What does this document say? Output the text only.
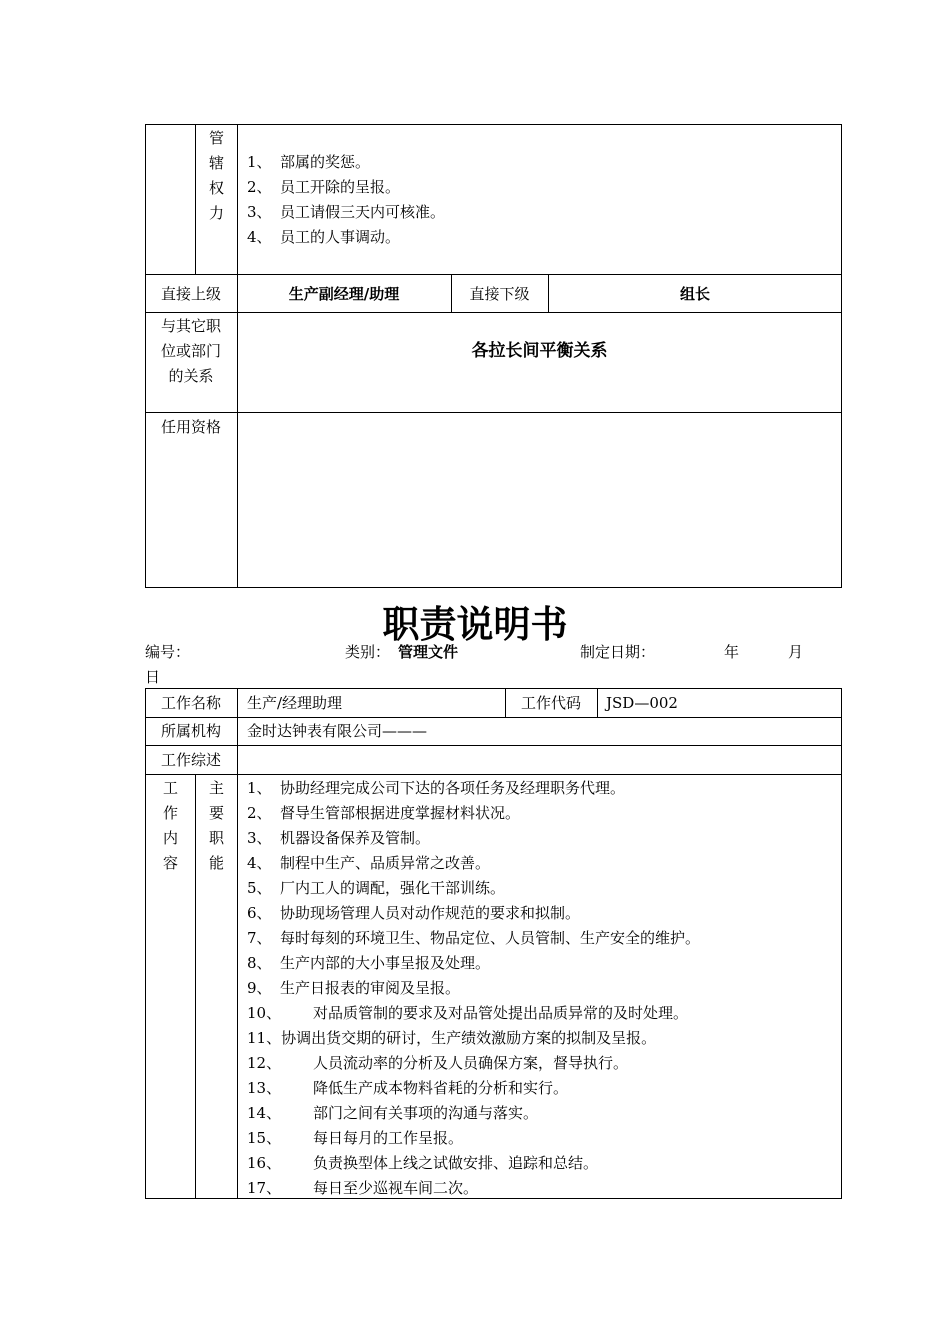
管
辖
权
力
1、 部属的奖惩。
2、 员工开除的呈报。
3、 员工请假三天内可核准。
4、 员工的人事调动。
直接上级	生产副经理/助理	直接下级	组长
与其它职
位或部门
的关系
各拉长间平衡关系
任用资格
职责说明书
编号：	类别： 管理文件	制定日期：	年	月
日
工作名称	生产/经理助理	工作代码	JSD—002
所属机构	金时达钟表有限公司———
工作综述
工
作
内
容
主
要
职
能
1、 协助经理完成公司下达的各项任务及经理职务代理。
2、 督导生管部根据进度掌握材料状况。
3、 机器设备保养及管制。
4、 制程中生产、品质异常之改善。
5、 厂内工人的调配，强化干部训练。
6、 协助现场管理人员对动作规范的要求和拟制。
7、 每时每刻的环境卫生、物品定位、人员管制、生产安全的维护。
8、 生产内部的大小事呈报及处理。
9、 生产日报表的审阅及呈报。
10、	对品质管制的要求及对品管处提出品质异常的及时处理。
11、 协调出货交期的研讨，生产绩效激励方案的拟制及呈报。
12、	人员流动率的分析及人员确保方案，督导执行。
13、	降低生产成本物料省耗的分析和实行。
14、	部门之间有关事项的沟通与落实。
15、	每日每月的工作呈报。
16、	负责换型体上线之试做安排、追踪和总结。
17、	每日至少巡视车间二次。
